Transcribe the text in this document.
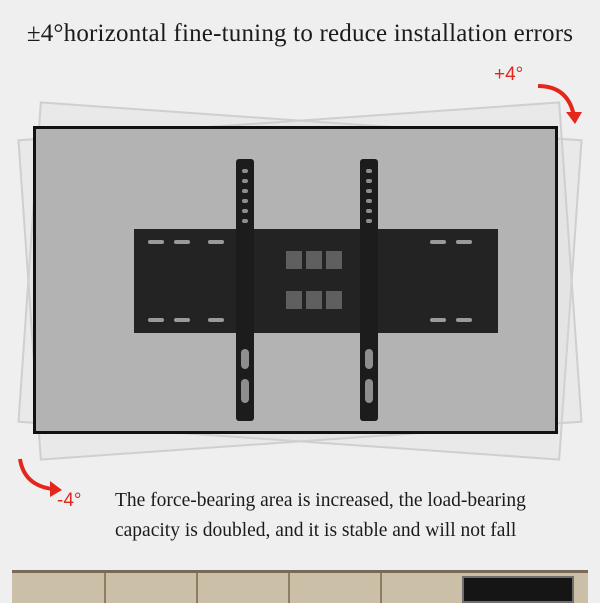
±4°horizontal fine-tuning to reduce installation errors
+4°
-4° The force-bearing area is increased, the load-bearing
capacity is doubled, and it is stable and will not fall
